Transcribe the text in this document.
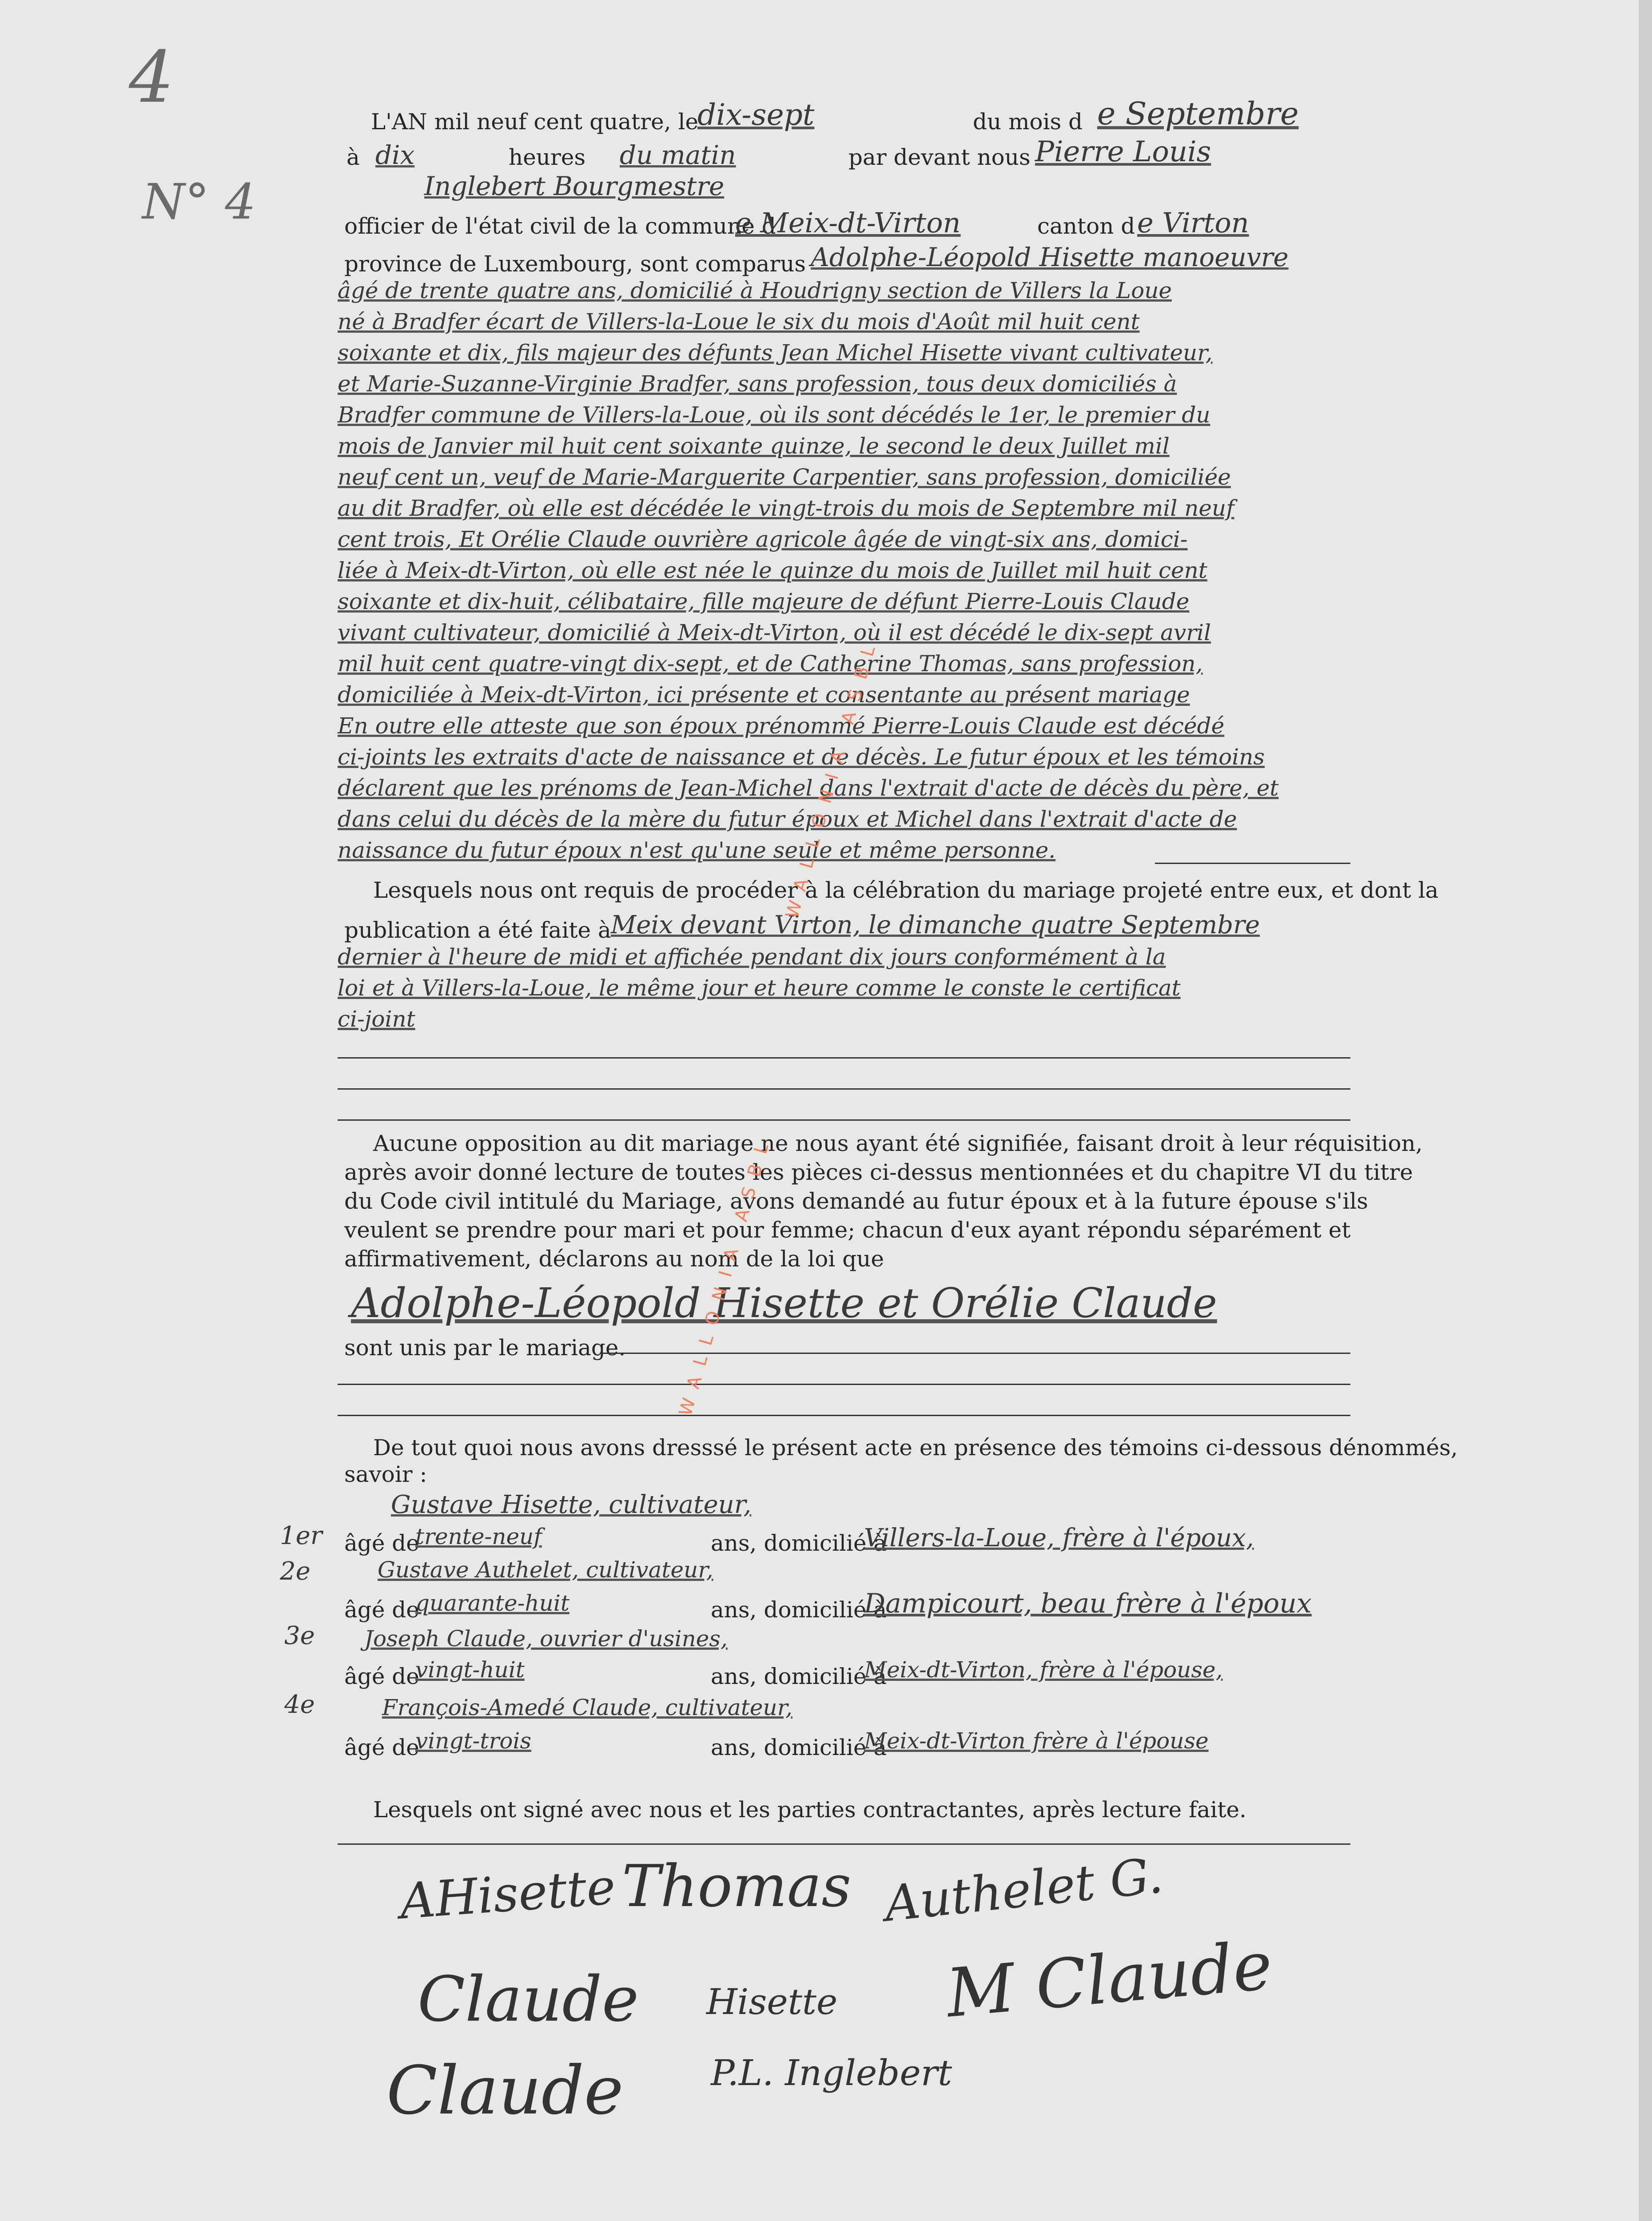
4
N° 4
L'AN mil neuf cent quatre, le
dix-sept	du mois d e Septembre
à dix	heures du matin	par devant nous Pierre Louis
Inglebert Bourgmestre
officier de l'état civil de la commune d
e Meix-dt-Virton	canton d e Virton
province de Luxembourg, sont comparus Adolphe-Léopold Hisette manoeuvre
âgé de trente quatre ans, domicilié à Houdrigny section de Villers la Loue
né à Bradfer écart de Villers-la-Loue le six du mois d'Août mil huit cent
soixante et dix, fils majeur des défunts Jean Michel Hisette vivant cultivateur,
et Marie-Suzanne-Virginie Bradfer, sans profession, tous deux domiciliés à
Bradfer commune de Villers-la-Loue, où ils sont décédés le 1er, le premier du
mois de Janvier mil huit cent soixante quinze, le second le deux Juillet mil
neuf cent un, veuf de Marie-Marguerite Carpentier, sans profession, domiciliée
au dit Bradfer, où elle est décédée le vingt-trois du mois de Septembre mil neuf
cent trois, Et Orélie Claude ouvrière agricole âgée de vingt-six ans, domici-
liée à Meix-dt-Virton, où elle est née le quinze du mois de Juillet mil huit cent
soixante et dix-huit, célibataire, fille majeure de défunt Pierre-Louis Claude
vivant cultivateur, domicilié à Meix-dt-Virton, où il est décédé le dix-sept avril
mil huit cent quatre-vingt dix-sept, et de Catherine Thomas, sans profession,
domiciliée à Meix-dt-Virton, ici présente et consentante au présent mariage
En outre elle atteste que son époux prénommé Pierre-Louis Claude est décédé
ci-joints les extraits d'acte de naissance et de décès. Le futur époux et les témoins
déclarent que les prénoms de Jean-Michel dans l'extrait d'acte de décès du père, et
dans celui du décès de la mère du futur époux et Michel dans l'extrait d'acte de
naissance du futur époux n'est qu'une seule et même personne.
Lesquels nous ont requis de procéder à la célébration du mariage projeté entre eux, et dont la
publication a été faite à Meix devant Virton, le dimanche quatre Septembre
dernier à l'heure de midi et affichée pendant dix jours conformément à la
loi et à Villers-la-Loue, le même jour et heure comme le conste le certificat
ci-joint
Aucune opposition au dit mariage ne nous ayant été signifiée, faisant droit à leur réquisition,
après avoir donné lecture de toutes les pièces ci-dessus mentionnées et du chapitre VI du titre
du Code civil intitulé du Mariage, avons demandé au futur époux et à la future épouse s'ils
veulent se prendre pour mari et pour femme; chacun d'eux ayant répondu séparément et
affirmativement, déclarons au nom de la loi que
Adolphe-Léopold Hisette et Orélie Claude
sont unis par le mariage.
De tout quoi nous avons dresssé le présent acte en présence des témoins ci-dessous dénommés,
savoir :
1er
Gustave Hisette, cultivateur,
âgé de
trente-neuf	ans, domicilié à
Villers-la-Loue, frère à l'époux,
2e	Gustave Authelet, cultivateur,
âgé de
quarante-huit	ans, domicilié à
Dampicourt, beau frère à l'époux
3e Joseph Claude, ouvrier d'usines,
âgé de
vingt-huit	ans, domicilié à
Meix-dt-Virton, frère à l'épouse,
4e	François-Amedé Claude, cultivateur,
âgé de
vingt-trois	ans, domicilié à
Meix-dt-Virton frère à l'épouse
Lesquels ont signé avec nous et les parties contractantes, après lecture faite.
AHisette Thomas Authelet G.
Claude Hisette M Claude
Claude P.L. Inglebert
WALLONIA ASBL
WALLONIA ASBL
